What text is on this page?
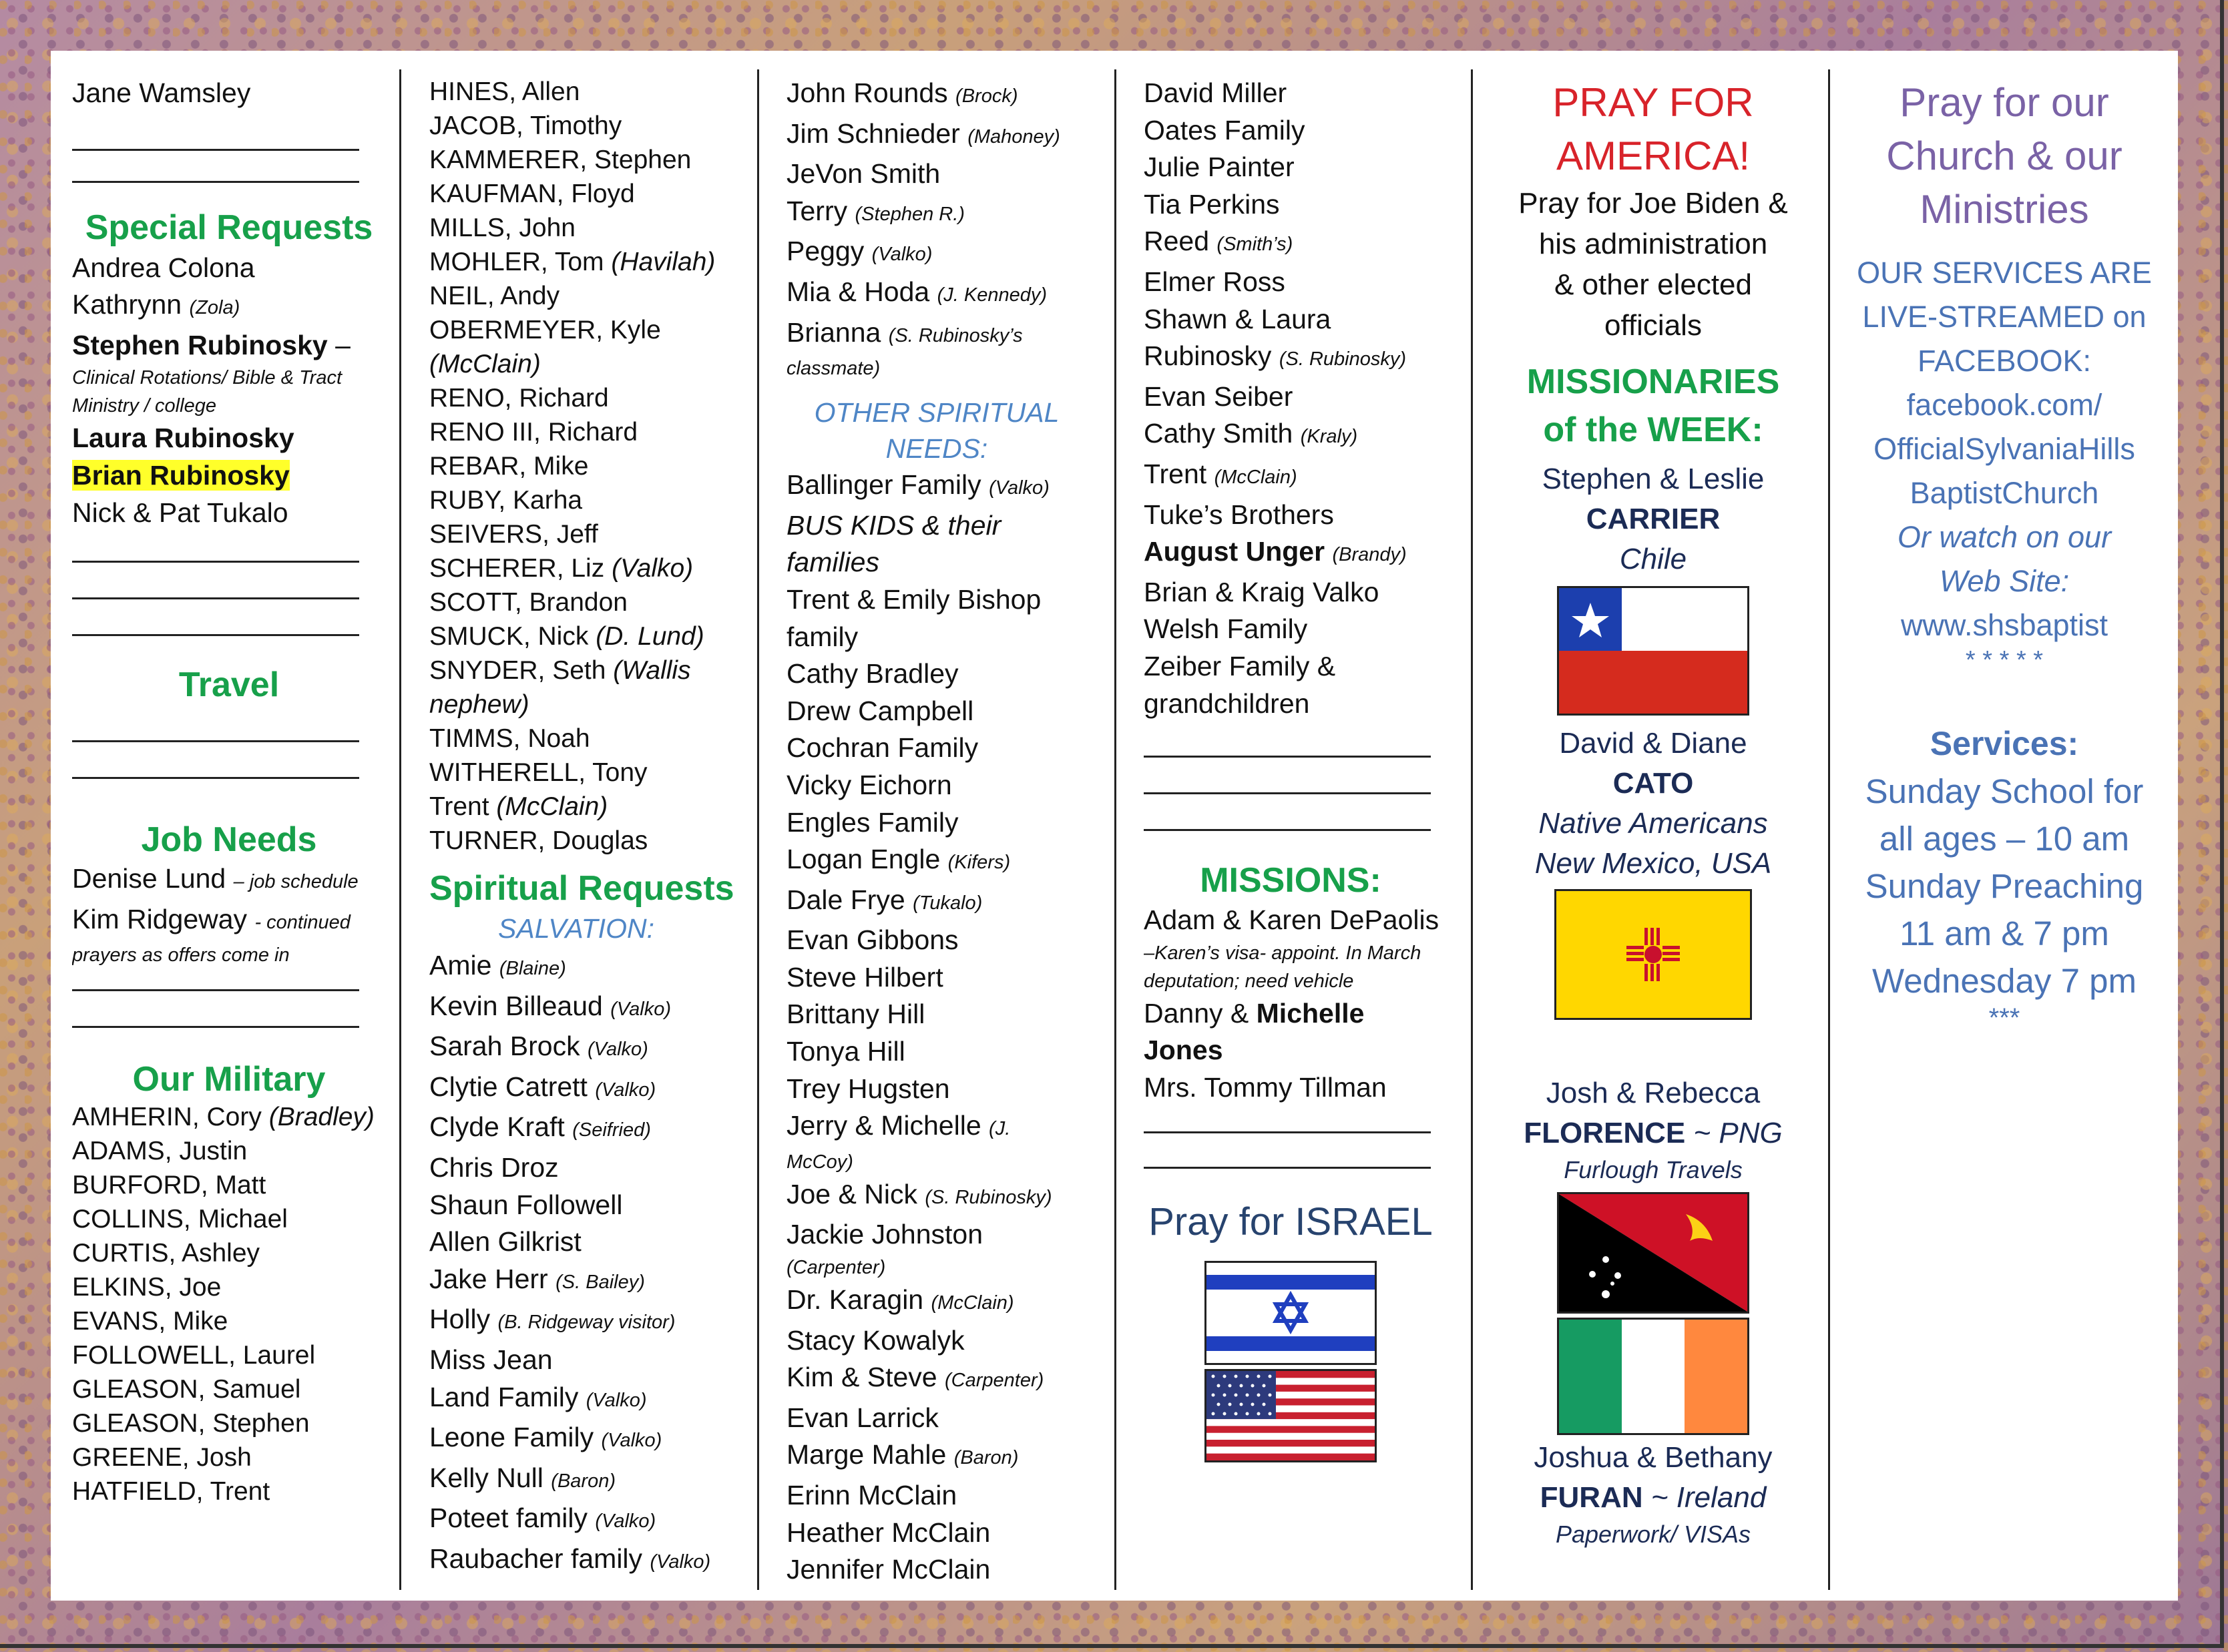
Jane Wamsley
Special Requests
Andrea Colona
Kathrynn (Zola)
Stephen Rubinosky –
Clinical Rotations/ Bible & Tract
Ministry / college
Laura Rubinosky
Brian Rubinosky
Nick & Pat Tukalo
Travel
Job Needs
Denise Lund – job schedule
Kim Ridgeway - continued
prayers as offers come in
Our Military
AMHERIN, Cory (Bradley)
ADAMS, Justin
BURFORD, Matt
COLLINS, Michael
CURTIS, Ashley
ELKINS, Joe
EVANS, Mike
FOLLOWELL, Laurel
GLEASON, Samuel
GLEASON, Stephen
GREENE, Josh
HATFIELD, Trent
HINES, Allen
JACOB, Timothy
KAMMERER, Stephen
KAUFMAN, Floyd
MILLS, John
MOHLER, Tom (Havilah)
NEIL, Andy
OBERMEYER, Kyle
(McClain)
RENO, Richard
RENO III, Richard
REBAR, Mike
RUBY, Karha
SEIVERS, Jeff
SCHERER, Liz (Valko)
SCOTT, Brandon
SMUCK, Nick (D. Lund)
SNYDER, Seth (Wallis
nephew)
TIMMS, Noah
WITHERELL, Tony
Trent (McClain)
TURNER, Douglas
Spiritual Requests
SALVATION:
Amie (Blaine)
Kevin Billeaud (Valko)
Sarah Brock (Valko)
Clytie Catrett (Valko)
Clyde Kraft (Seifried)
Chris Droz
Shaun Followell
Allen Gilkrist
Jake Herr (S. Bailey)
Holly (B. Ridgeway visitor)
Miss Jean
Land Family (Valko)
Leone Family (Valko)
Kelly Null (Baron)
Poteet family (Valko)
Raubacher family (Valko)
John Rounds (Brock)
Jim Schnieder (Mahoney)
JeVon Smith
Terry (Stephen R.)
Peggy (Valko)
Mia & Hoda (J. Kennedy)
Brianna (S. Rubinosky’s
classmate)
OTHER SPIRITUAL
NEEDS:
Ballinger Family (Valko)
BUS KIDS & their
families
Trent & Emily Bishop
family
Cathy Bradley
Drew Campbell
Cochran Family
Vicky Eichorn
Engles Family
Logan Engle (Kifers)
Dale Frye (Tukalo)
Evan Gibbons
Steve Hilbert
Brittany Hill
Tonya Hill
Trey Hugsten
Jerry & Michelle (J.
McCoy)
Joe & Nick (S. Rubinosky)
Jackie Johnston
(Carpenter)
Dr. Karagin (McClain)
Stacy Kowalyk
Kim & Steve (Carpenter)
Evan Larrick
Marge Mahle (Baron)
Erinn McClain
Heather McClain
Jennifer McClain
David Miller
Oates Family
Julie Painter
Tia Perkins
Reed (Smith’s)
Elmer Ross
Shawn & Laura
Rubinosky (S. Rubinosky)
Evan Seiber
Cathy Smith (Kraly)
Trent (McClain)
Tuke’s Brothers
August Unger (Brandy)
Brian & Kraig Valko
Welsh Family
Zeiber Family &
grandchildren
MISSIONS:
Adam & Karen DePaolis
–Karen’s visa- appoint. In March
deputation; need vehicle
Danny & Michelle
Jones
Mrs. Tommy Tillman
Pray for ISRAEL
PRAY FOR
AMERICA!
Pray for Joe Biden &
his administration
& other elected
officials
MISSIONARIES
of the WEEK:
Stephen & Leslie
CARRIER
Chile
David & Diane
CATO
Native Americans
New Mexico, USA
Josh & Rebecca
FLORENCE ~ PNG
Furlough Travels
Joshua & Bethany
FURAN ~ Ireland
Paperwork/ VISAs
Pray for our
Church & our
Ministries
OUR SERVICES ARE
LIVE-STREAMED on
FACEBOOK:
facebook.com/
OfficialSylvaniaHills
BaptistChurch
Or watch on our
Web Site:
www.shsbaptist
* * * * *
Services:
Sunday School for
all ages – 10 am
Sunday Preaching
11 am & 7 pm
Wednesday 7 pm
***
